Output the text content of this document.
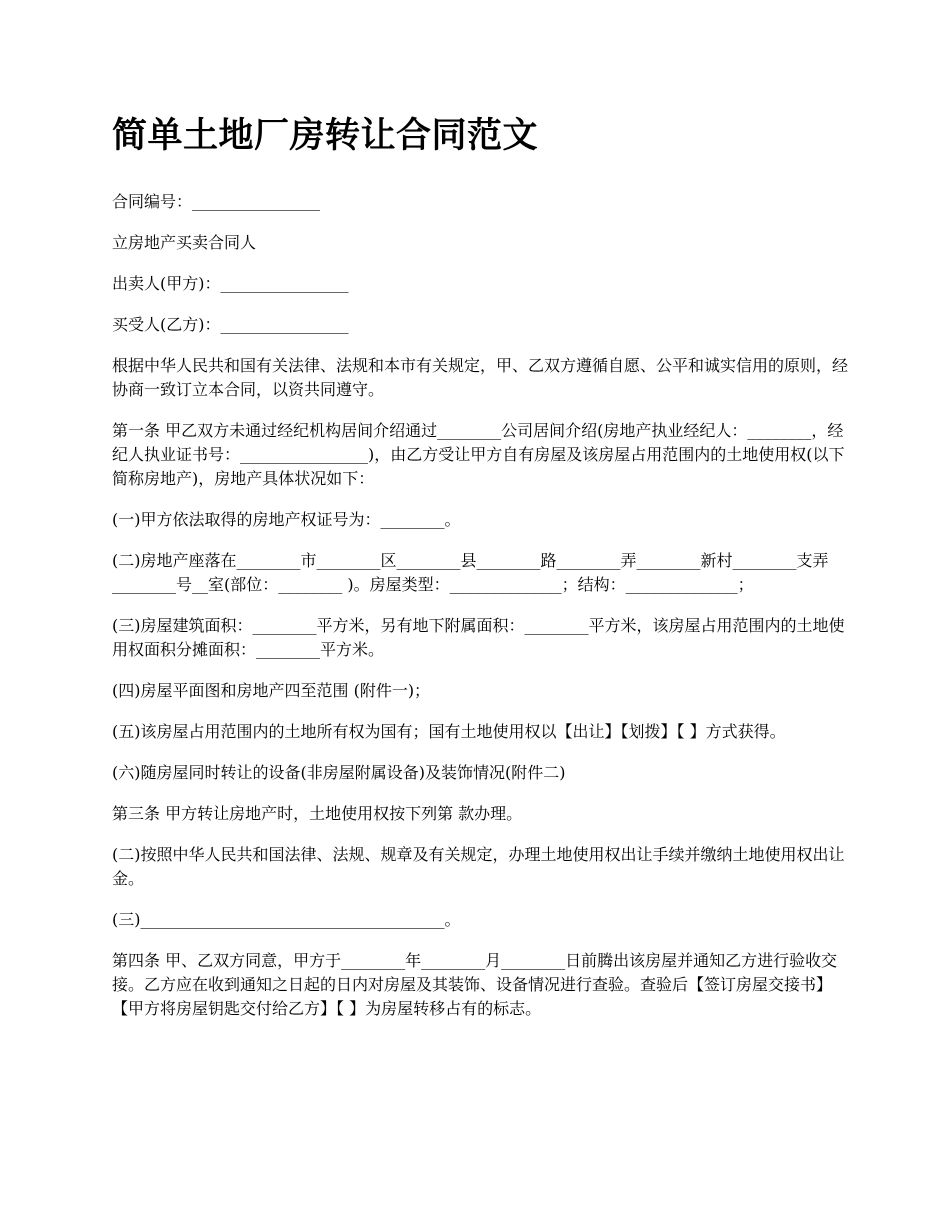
简单土地厂房转让合同范文

合同编号：________________

立房地产买卖合同人

出卖人(甲方)：________________

买受人(乙方)：________________

根据中华人民共和国有关法律、法规和本市有关规定，甲、乙双方遵循自愿、公平和诚实信用的原则，经协商一致订立本合同，以资共同遵守。

第一条 甲乙双方未通过经纪机构居间介绍通过________公司居间介绍(房地产执业经纪人：________，经纪人执业证书号：________________)，由乙方受让甲方自有房屋及该房屋占用范围内的土地使用权(以下简称房地产)，房地产具体状况如下：

(一)甲方依法取得的房地产权证号为：________。

(二)房地产座落在________市________区________县________路________弄________新村________支弄________号__室(部位：________ )。房屋类型：______________；结构：______________；

(三)房屋建筑面积：________平方米，另有地下附属面积：________平方米，该房屋占用范围内的土地使用权面积分摊面积：________平方米。

(四)房屋平面图和房地产四至范围 (附件一)；

(五)该房屋占用范围内的土地所有权为国有；国有土地使用权以【出让】【划拨】【 】方式获得。

(六)随房屋同时转让的设备(非房屋附属设备)及装饰情况(附件二)

第三条 甲方转让房地产时，土地使用权按下列第 款办理。

(二)按照中华人民共和国法律、法规、规章及有关规定，办理土地使用权出让手续并缴纳土地使用权出让金。

(三)______________________________________。

第四条 甲、乙双方同意，甲方于________年________月________日前腾出该房屋并通知乙方进行验收交接。乙方应在收到通知之日起的日内对房屋及其装饰、设备情况进行查验。查验后【签订房屋交接书】【甲方将房屋钥匙交付给乙方】【 】为房屋转移占有的标志。
